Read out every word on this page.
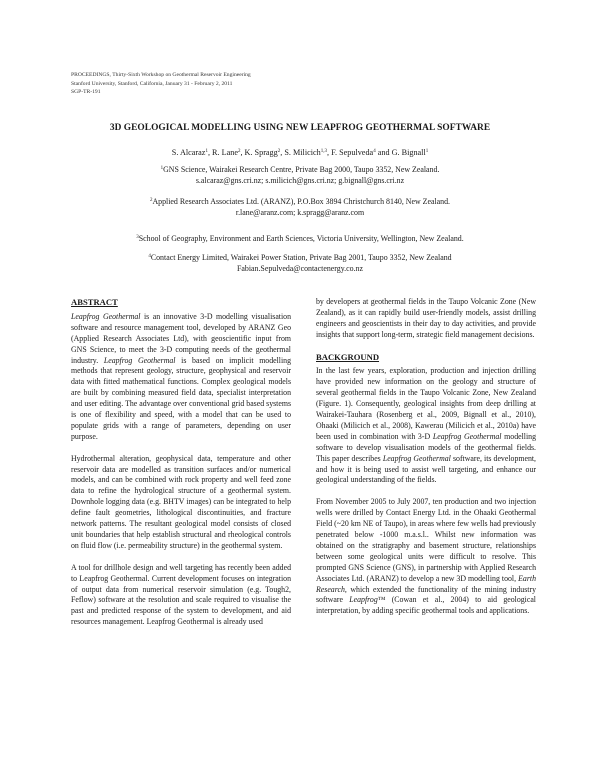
PROCEEDINGS, Thirty-Sixth Workshop on Geothermal Reservoir Engineering
Stanford University, Stanford, California, January 31 - February 2, 2011
SGP-TR-191
3D GEOLOGICAL MODELLING USING NEW LEAPFROG GEOTHERMAL SOFTWARE
S. Alcaraz$^1$, R. Lane$^2$, K. Spragg$^2$, S. Milicich$^{1,3}$, F. Sepulveda$^4$ and G. Bignall$^1$
$^1$GNS Science, Wairakei Research Centre, Private Bag 2000, Taupo 3352, New Zealand.
s.alcaraz@gns.cri.nz; s.milicich@gns.cri.nz; g.bignall@gns.cri.nz
$^2$Applied Research Associates Ltd. (ARANZ), P.O.Box 3894 Christchurch 8140, New Zealand.
r.lane@aranz.com; k.spragg@aranz.com
$^3$School of Geography, Environment and Earth Sciences, Victoria University, Wellington, New Zealand.
$^4$Contact Energy Limited, Wairakei Power Station, Private Bag 2001, Taupo 3352, New Zealand
Fabian.Sepulveda@contactenergy.co.nz
ABSTRACT
Leapfrog Geothermal is an innovative 3-D modelling visualisation software and resource management tool, developed by ARANZ Geo (Applied Research Associates Ltd), with geoscientific input from GNS Science, to meet the 3-D computing needs of the geothermal industry. Leapfrog Geothermal is based on implicit modelling methods that represent geology, structure, geophysical and reservoir data with fitted mathematical functions. Complex geological models are built by combining measured field data, specialist interpretation and user editing. The advantage over conventional grid based systems is one of flexibility and speed, with a model that can be used to populate grids with a range of parameters, depending on user purpose.
Hydrothermal alteration, geophysical data, temperature and other reservoir data are modelled as transition surfaces and/or numerical models, and can be combined with rock property and well feed zone data to refine the hydrological structure of a geothermal system. Downhole logging data (e.g. BHTV images) can be integrated to help define fault geometries, lithological discontinuities, and fracture network patterns. The resultant geological model consists of closed unit boundaries that help establish structural and rheological controls on fluid flow (i.e. permeability structure) in the geothermal system.
A tool for drillhole design and well targeting has recently been added to Leapfrog Geothermal. Current development focuses on integration of output data from numerical reservoir simulation (e.g. Tough2, Feflow) software at the resolution and scale required to visualise the past and predicted response of the system to development, and aid resources management. Leapfrog Geothermal is already used
by developers at geothermal fields in the Taupo Volcanic Zone (New Zealand), as it can rapidly build user-friendly models, assist drilling engineers and geoscientists in their day to day activities, and provide insights that support long-term, strategic field management decisions.
BACKGROUND
In the last few years, exploration, production and injection drilling have provided new information on the geology and structure of several geothermal fields in the Taupo Volcanic Zone, New Zealand (Figure. 1). Consequently, geological insights from deep drilling at Wairakei-Tauhara (Rosenberg et al., 2009, Bignall et al., 2010), Ohaaki (Milicich et al., 2008), Kawerau (Milicich et al., 2010a) have been used in combination with 3-D Leapfrog Geothermal modelling software to develop visualisation models of the geothermal fields. This paper describes Leapfrog Geothermal software, its development, and how it is being used to assist well targeting, and enhance our geological understanding of the fields.
From November 2005 to July 2007, ten production and two injection wells were drilled by Contact Energy Ltd. in the Ohaaki Geothermal Field (~20 km NE of Taupo), in areas where few wells had previously penetrated below -1000 m.a.s.l.. Whilst new information was obtained on the stratigraphy and basement structure, relationships between some geological units were difficult to resolve. This prompted GNS Science (GNS), in partnership with Applied Research Associates Ltd. (ARANZ) to develop a new 3D modelling tool, Earth Research, which extended the functionality of the mining industry software Leapfrog™ (Cowan et al., 2004) to aid geological interpretation, by adding specific geothermal tools and applications.
